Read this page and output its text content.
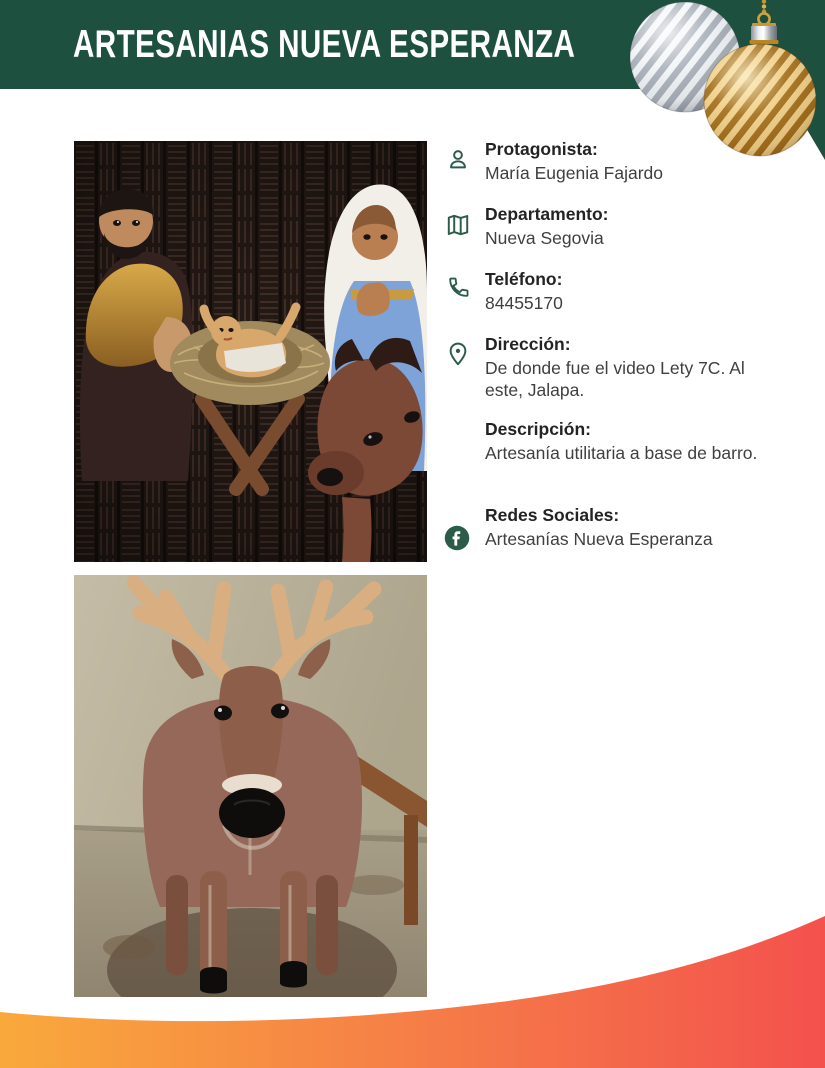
ARTESANIAS NUEVA ESPERANZA
Protagonista:
María Eugenia Fajardo
Departamento:
Nueva Segovia
Teléfono:
84455170
Dirección:
De donde fue el video Lety 7C. Al este, Jalapa.
Descripción:
Artesanía utilitaria a base de barro.
Redes Sociales:
Artesanías Nueva Esperanza
